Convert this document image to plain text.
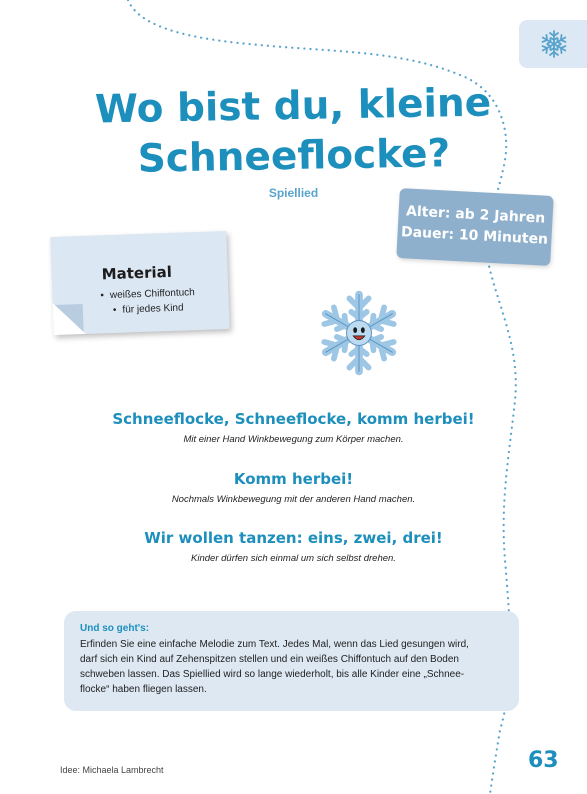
Wo bist du, kleine
Schneeflocke?
Spiellied
Alter: ab 2 Jahren
Dauer: 10 Minuten
Material
• weißes Chiffontuch
• für jedes Kind
Schneeflocke, Schneeflocke, komm herbei!
Mit einer Hand Winkbewegung zum Körper machen.
Komm herbei!
Nochmals Winkbewegung mit der anderen Hand machen.
Wir wollen tanzen: eins, zwei, drei!
Kinder dürfen sich einmal um sich selbst drehen.
Und so geht's:
Erfinden Sie eine einfache Melodie zum Text. Jedes Mal, wenn das Lied gesungen wird,
darf sich ein Kind auf Zehenspitzen stellen und ein weißes Chiffontuch auf den Boden
schweben lassen. Das Spiellied wird so lange wiederholt, bis alle Kinder eine „Schnee-
flocke“ haben fliegen lassen.
Idee: Michaela Lambrecht	63
